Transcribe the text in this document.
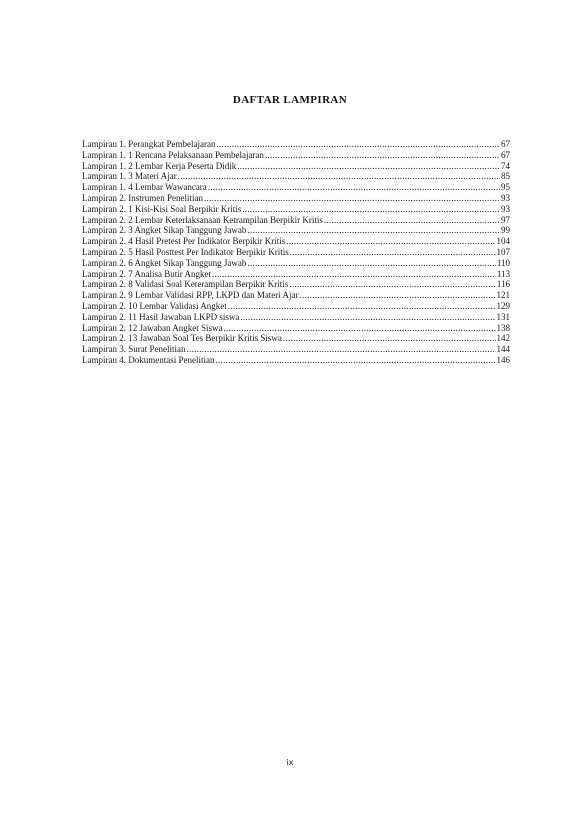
DAFTAR LAMPIRAN
Lampiran 1. Perangkat Pembelajaran .....	67
Lampiran 1. 1 Rencana Pelaksanaan Pembelajaran .....	67
Lampiran 1. 2 Lembar Kerja Peserta Didik .....	74
Lampiran 1. 3 Materi Ajar .....	85
Lampiran 1. 4 Lembar Wawancara .....	95
Lampiran 2. Instrumen Penelitian .....	93
Lampiran 2. 1 Kisi-Kisi Soal Berpikir Kritis .....	93
Lampiran 2. 2 Lembar Keterlaksanaan Ketrampilan Berpikir Kritis .....	97
Lampiran 2. 3 Angket Sikap Tanggung Jawab .....	99
Lampiran 2. 4 Hasil Pretest Per Indikator Berpikir Kritis .....	104
Lampiran 2. 5 Hasil Posttest Per Indikator Berpikir Kritis .....	107
Lampiran 2. 6 Angket Sikap Tanggung Jawab .....	110
Lampiran 2. 7 Analisa Butir Angket .....	113
Lampiran 2. 8 Validasi Soal Keterampilan Berpikir Kritis .....	116
Lampiran 2. 9 Lembar Validasi RPP, LKPD dan Materi Ajar .....	121
Lampiran 2. 10 Lembar Validasi Angket .....	129
Lampiran 2. 11 Hasil Jawaban LKPD siswa .....	131
Lampiran 2. 12 Jawaban Angket Siswa .....	138
Lampiran 2. 13 Jawaban Soal Tes Berpikir Kritis Siswa .....	142
Lampiran 3. Surat Penelitian .....	144
Lampiran 4. Dokumentasi Penelitian .....	146
ix
